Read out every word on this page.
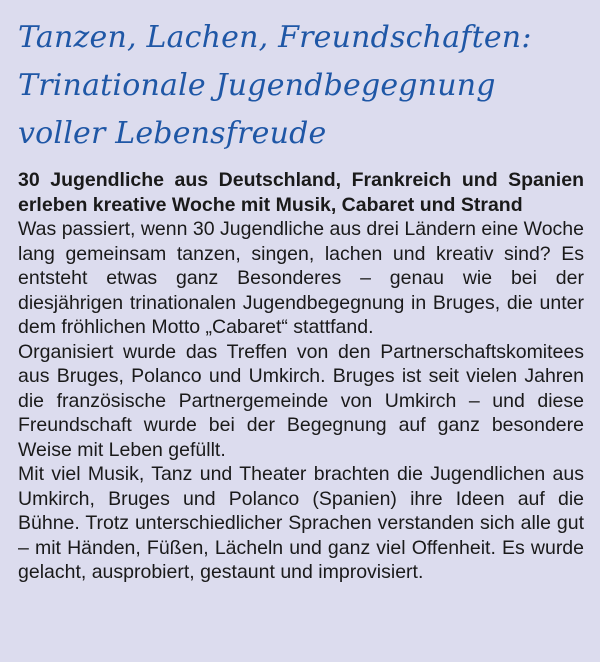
Tanzen, Lachen, Freundschaften: Trinationale Jugendbegegnung voller Lebensfreude

30 Jugendliche aus Deutschland, Frankreich und Spanien erleben kreative Woche mit Musik, Cabaret und Strand

Was passiert, wenn 30 Jugendliche aus drei Ländern eine Woche lang gemeinsam tanzen, singen, lachen und kreativ sind? Es entsteht etwas ganz Besonderes – genau wie bei der diesjährigen trinationalen Jugendbegegnung in Bruges, die unter dem fröhlichen Motto „Cabaret“ stattfand.

Organisiert wurde das Treffen von den Partnerschaftskomitees aus Bruges, Polanco und Umkirch. Bruges ist seit vielen Jahren die französische Partnergemeinde von Umkirch – und diese Freundschaft wurde bei der Begegnung auf ganz besondere Weise mit Leben gefüllt.

Mit viel Musik, Tanz und Theater brachten die Jugendlichen aus Umkirch, Bruges und Polanco (Spanien) ihre Ideen auf die Bühne. Trotz unterschiedlicher Sprachen verstanden sich alle gut – mit Händen, Füßen, Lächeln und ganz viel Offenheit. Es wurde gelacht, ausprobiert, gestaunt und improvisiert.
